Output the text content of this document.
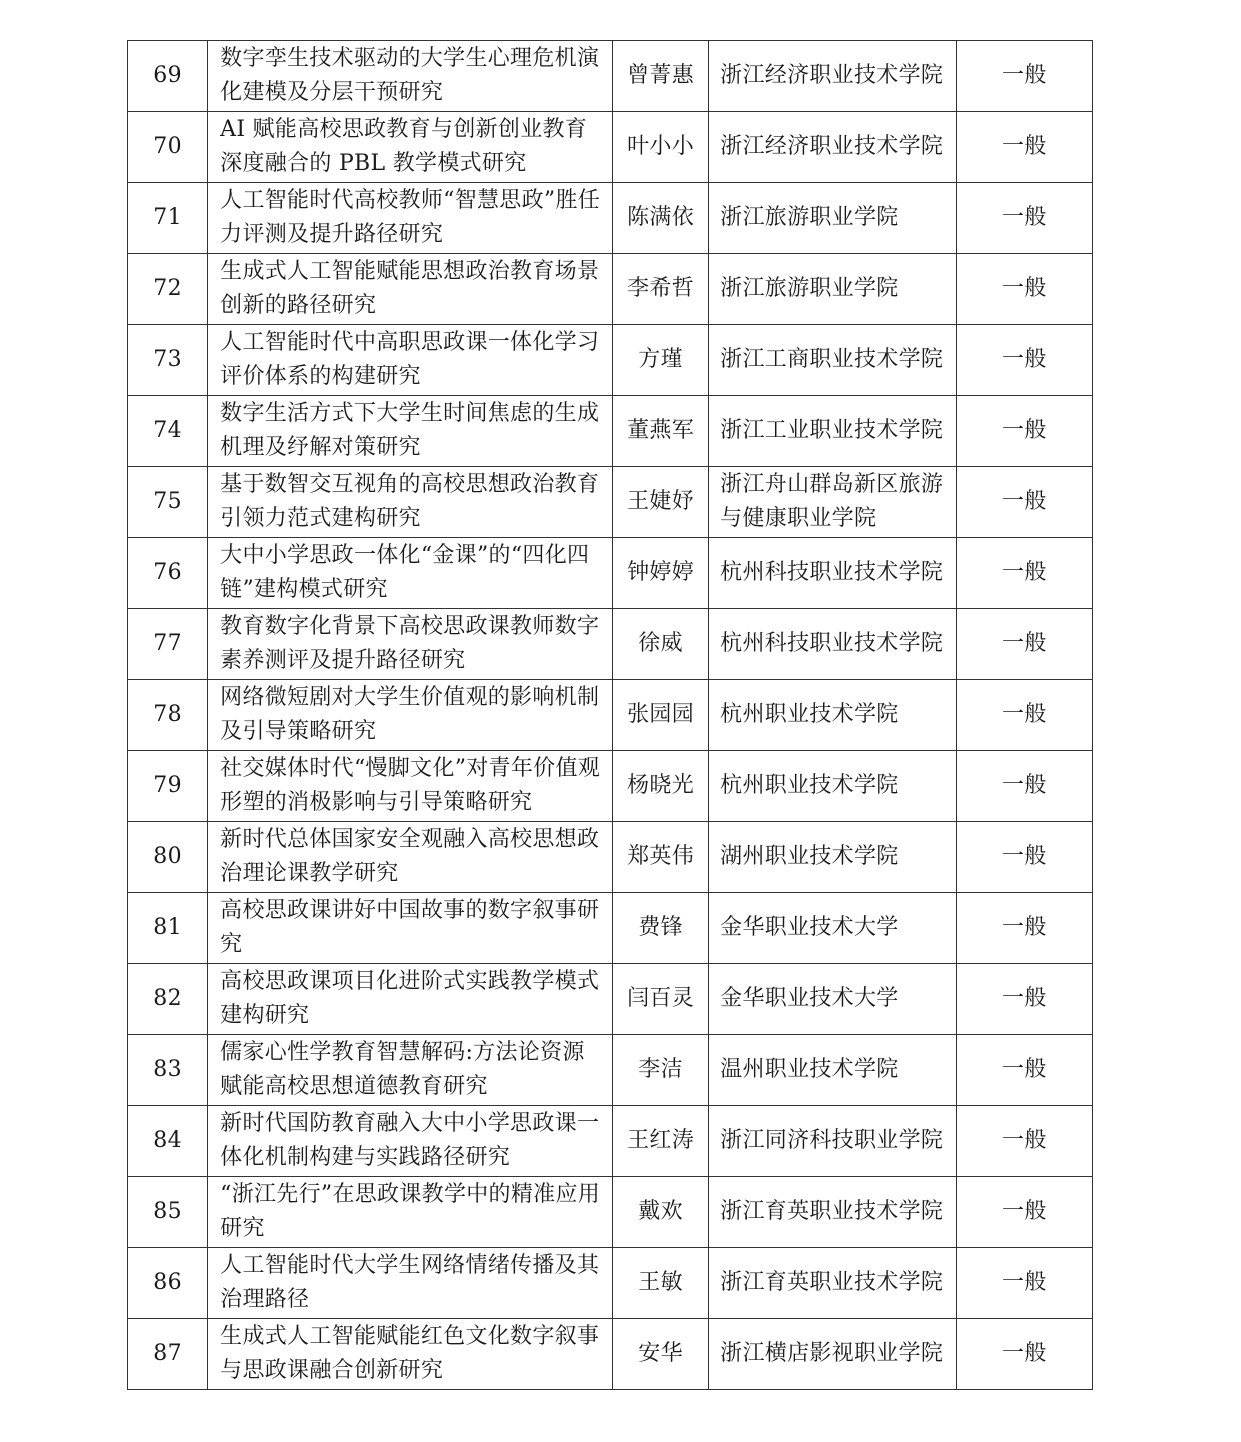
69	数字孪生技术驱动的大学生心理危机演化建模及分层干预研究	曾菁惠	浙江经济职业技术学院	一般

70	AI 赋能高校思政教育与创新创业教育深度融合的 PBL 教学模式研究	叶小小	浙江经济职业技术学院	一般

71	人工智能时代高校教师“智慧思政”胜任力评测及提升路径研究	陈满依	浙江旅游职业学院	一般

72	生成式人工智能赋能思想政治教育场景创新的路径研究	李希哲	浙江旅游职业学院	一般

73	人工智能时代中高职思政课一体化学习评价体系的构建研究	方瑾	浙江工商职业技术学院	一般

74	数字生活方式下大学生时间焦虑的生成机理及纾解对策研究	董燕军	浙江工业职业技术学院	一般

75	基于数智交互视角的高校思想政治教育引领力范式建构研究	王婕妤	浙江舟山群岛新区旅游与健康职业学院	一般

76	大中小学思政一体化“金课”的“四化四链”建构模式研究	钟婷婷	杭州科技职业技术学院	一般

77	教育数字化背景下高校思政课教师数字素养测评及提升路径研究	徐威	杭州科技职业技术学院	一般

78	网络微短剧对大学生价值观的影响机制及引导策略研究	张园园	杭州职业技术学院	一般

79	社交媒体时代“慢脚文化”对青年价值观形塑的消极影响与引导策略研究	杨晓光	杭州职业技术学院	一般

80	新时代总体国家安全观融入高校思想政治理论课教学研究	郑英伟	湖州职业技术学院	一般

81	高校思政课讲好中国故事的数字叙事研究	费锋	金华职业技术大学	一般

82	高校思政课项目化进阶式实践教学模式建构研究	闫百灵	金华职业技术大学	一般

83	儒家心性学教育智慧解码:方法论资源赋能高校思想道德教育研究	李洁	温州职业技术学院	一般

84	新时代国防教育融入大中小学思政课一体化机制构建与实践路径研究	王红涛	浙江同济科技职业学院	一般

85	“浙江先行”在思政课教学中的精准应用研究	戴欢	浙江育英职业技术学院	一般

86	人工智能时代大学生网络情绪传播及其治理路径	王敏	浙江育英职业技术学院	一般

87	生成式人工智能赋能红色文化数字叙事与思政课融合创新研究	安华	浙江横店影视职业学院	一般
